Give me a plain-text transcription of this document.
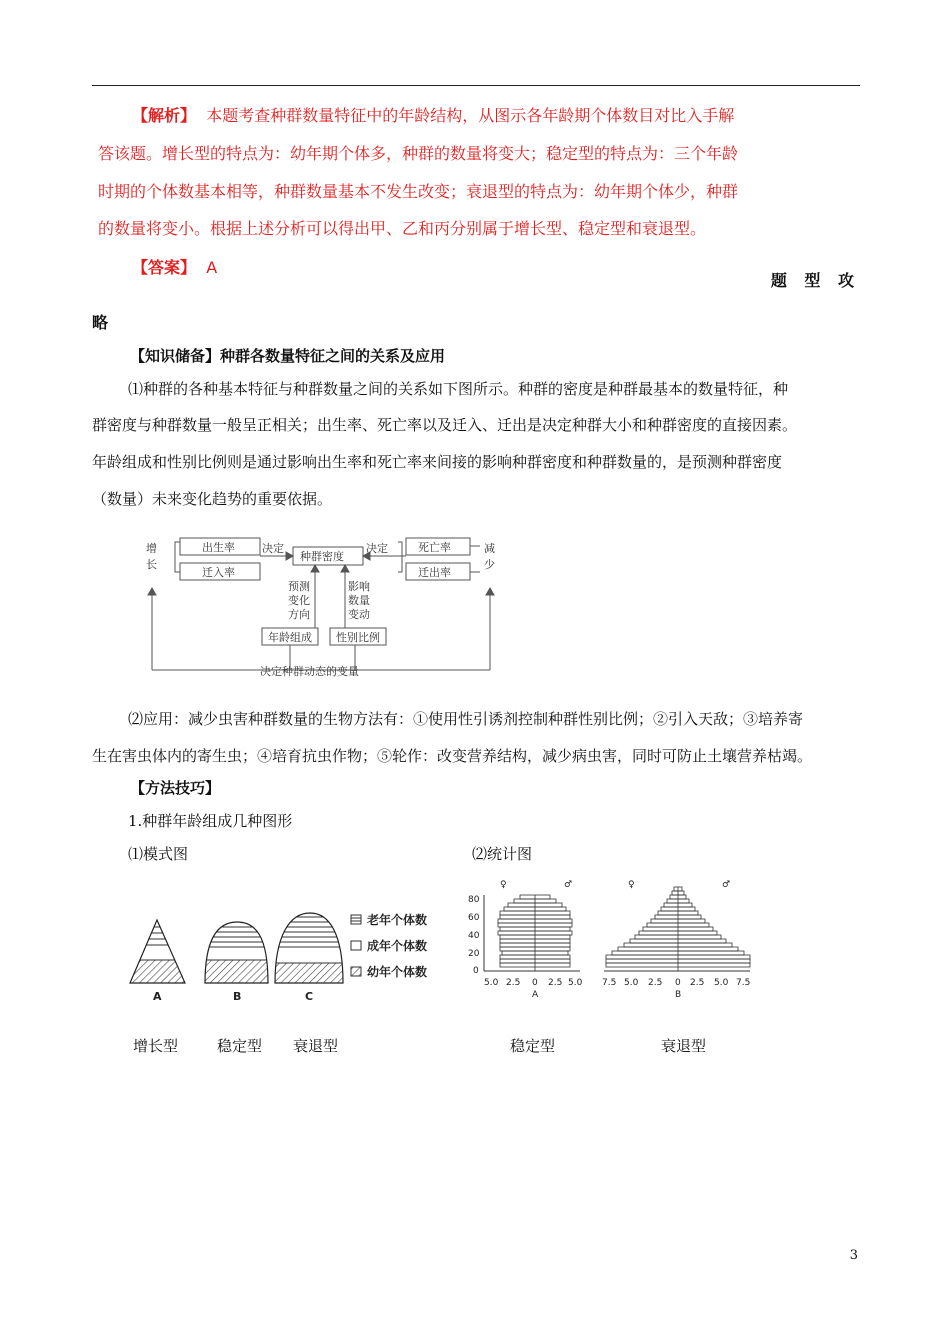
【解析】 本题考查种群数量特征中的年龄结构，从图示各年龄期个体数目对比入手解
答该题。增长型的特点为：幼年期个体多，种群的数量将变大；稳定型的特点为：三个年龄
时期的个体数基本相等，种群数量基本不发生改变；衰退型的特点为：幼年期个体少，种群
的数量将变小。根据上述分析可以得出甲、乙和丙分别属于增长型、稳定型和衰退型。
【答案】 A
题 型 攻
略
【知识储备】种群各数量特征之间的关系及应用
⑴种群的各种基本特征与种群数量之间的关系如下图所示。种群的密度是种群最基本的数量特征，种
群密度与种群数量一般呈正相关；出生率、死亡率以及迁入、迁出是决定种群大小和种群密度的直接因素。
年龄组成和性别比例则是通过影响出生率和死亡率来间接的影响种群密度和种群数量的，是预测种群密度
（数量）未来变化趋势的重要依据。
增
长
减
少
出生率
迁入率
决定
种群密度
决定	死亡率
迁出率
预测
变化
方向
影响
数量
变动
年龄组成 性别比例
决定种群动态的变量
⑵应用：减少虫害种群数量的生物方法有：①使用性引诱剂控制种群性别比例；②引入天敌；③培养寄
生在害虫体内的寄生虫；④培育抗虫作物；⑤轮作：改变营养结构，减少病虫害，同时可防止土壤营养枯竭。
【方法技巧】
1.种群年龄组成几种图形
⑴模式图	⑵统计图
A	B	C
老年个体数
成年个体数
幼年个体数
♀	♂	♀	♂
80
60
40
20
0
5.0 2.5 0 2.5 5.0
A
7.5 5.0 2.5 0 2.5 5.0 7.5
B
增长型	稳定型 衰退型	稳定型	衰退型
3
